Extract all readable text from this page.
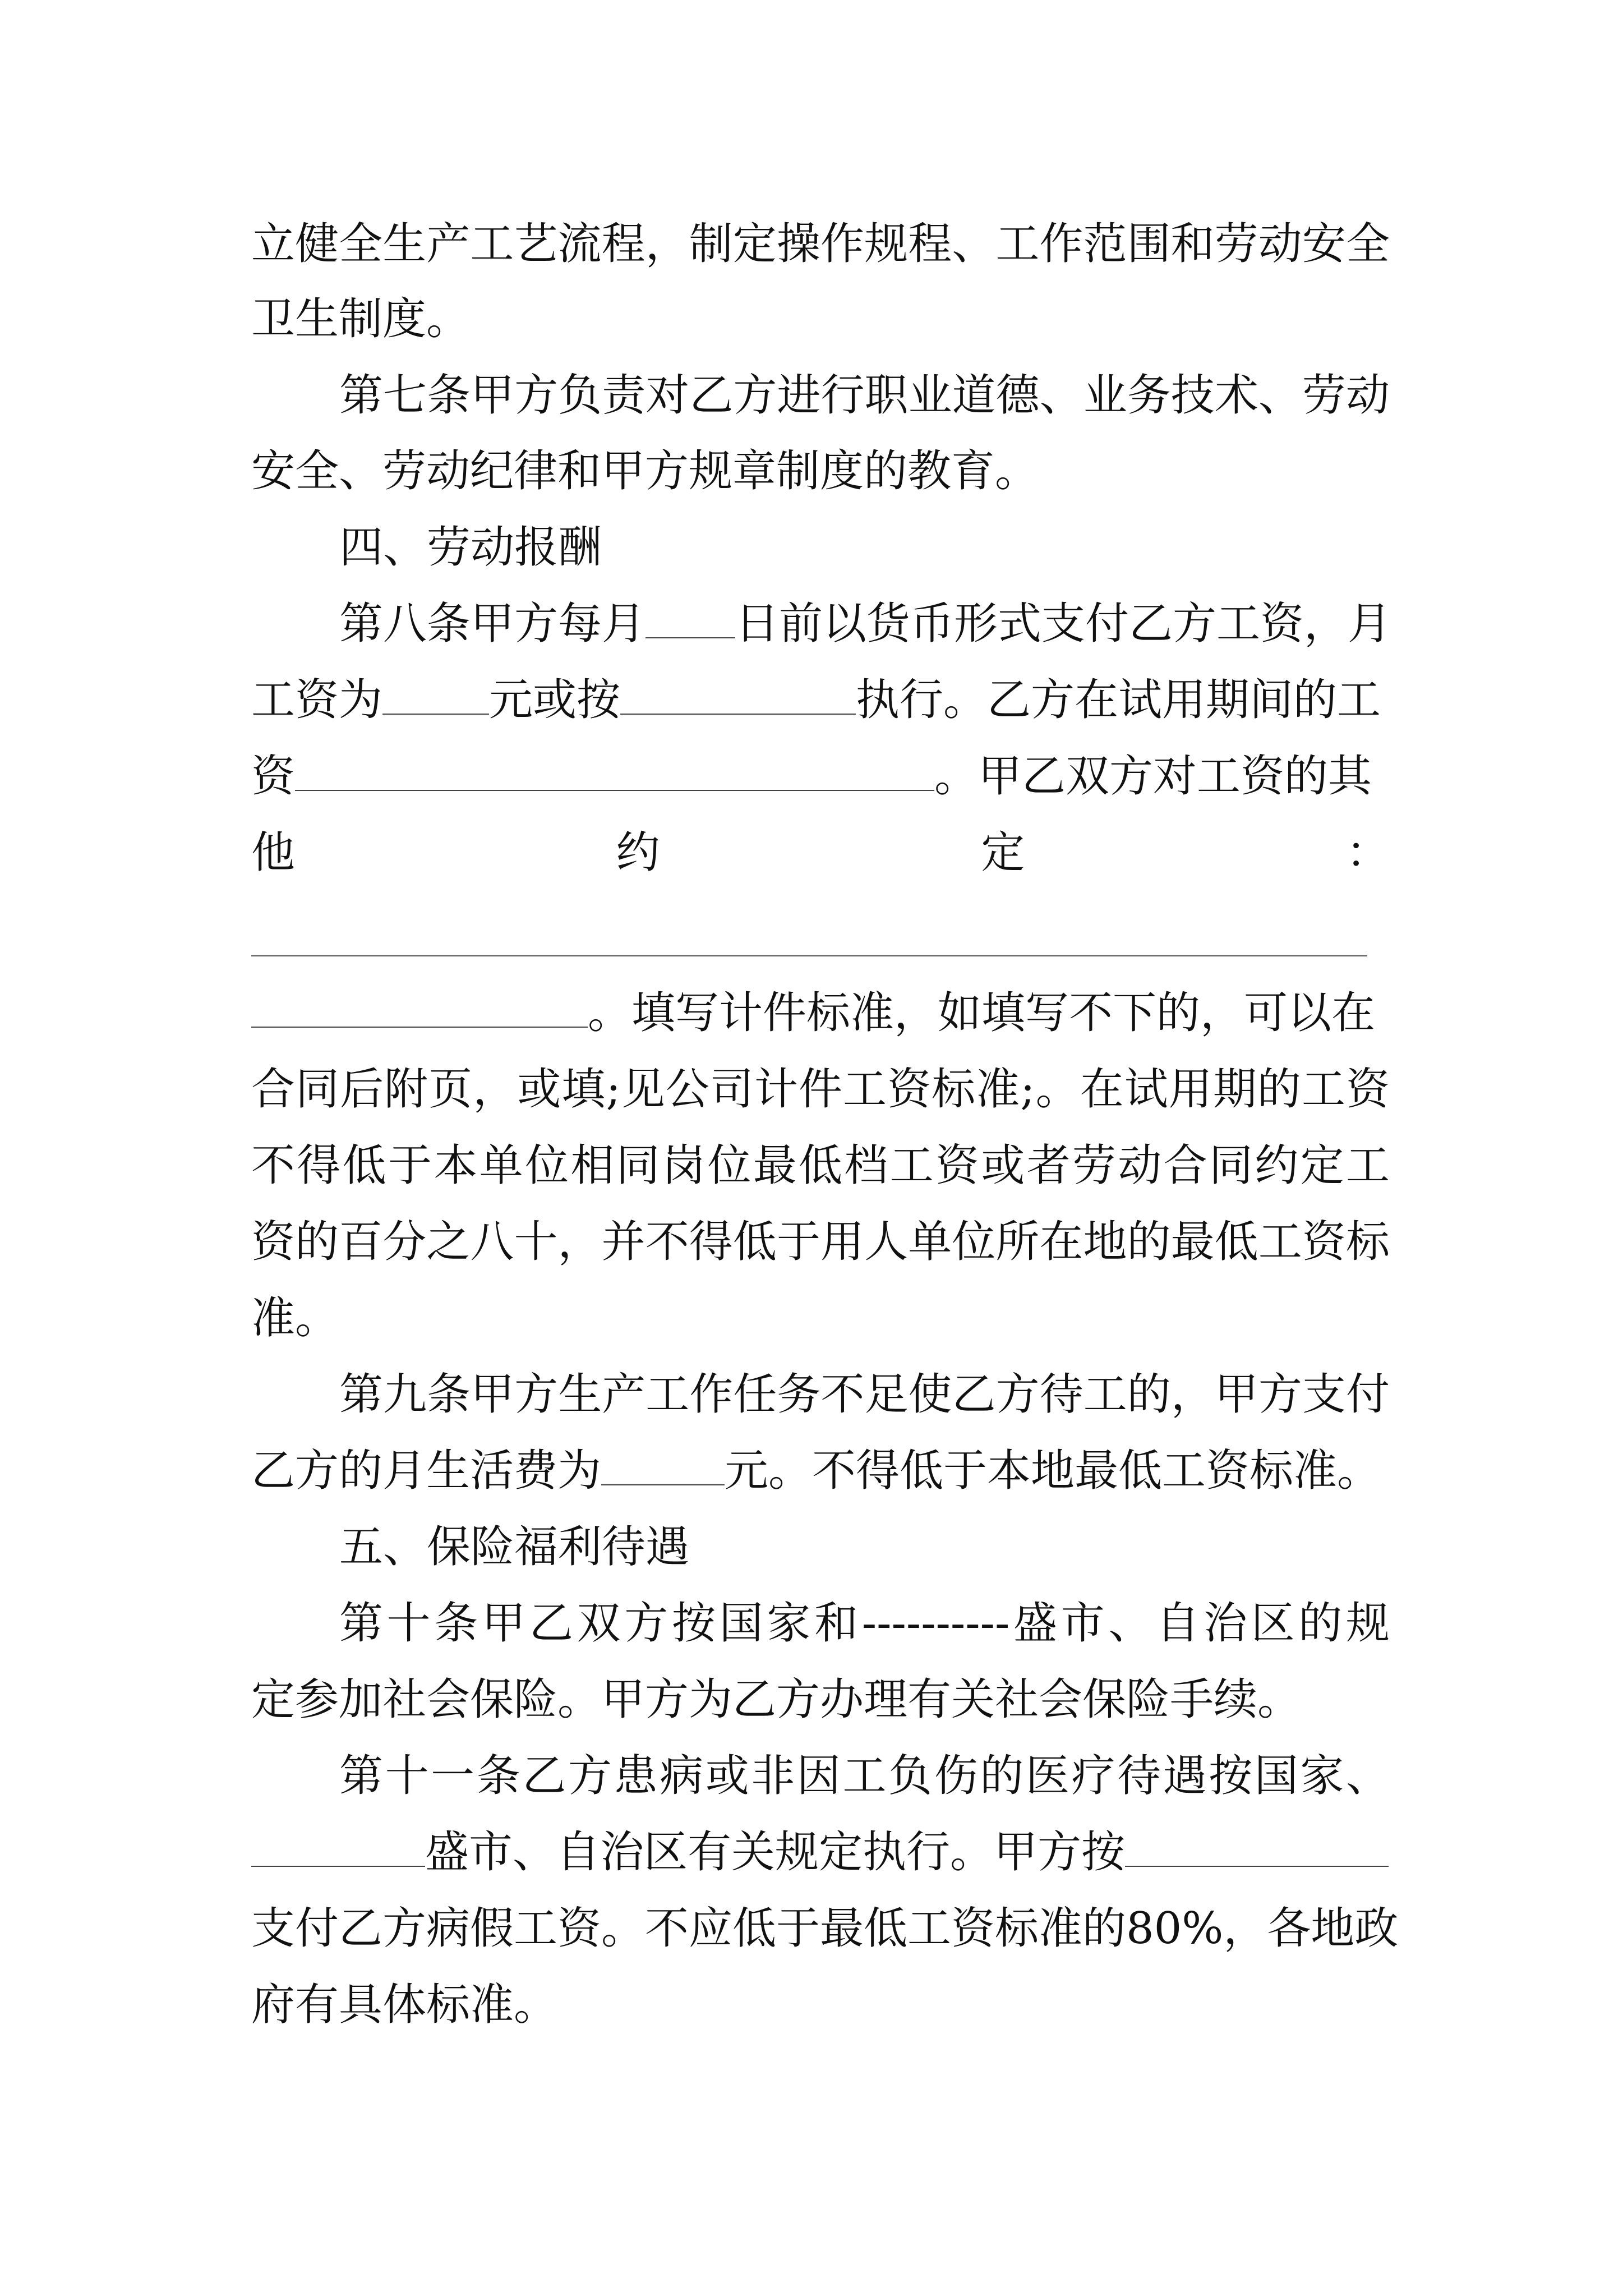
立健全生产工艺流程，制定操作规程、工作范围和劳动安全
卫生制度。
第七条甲方负责对乙方进行职业道德、业务技术、劳动
安全、劳动纪律和甲方规章制度的教育。
四、劳动报酬
第八条甲方每月 日前以货币形式支付乙方工资，月
工资为 元或按	执行。乙方在试用期间的工
资	。甲乙双方对工资的其
他约定：
。填写计件标准，如填写不下的，可以在
合同后附页，或填;见公司计件工资标准;。在试用期的工资
不得低于本单位相同岗位最低档工资或者劳动合同约定工
资的百分之八十，并不得低于用人单位所在地的最低工资标
准。
第九条甲方生产工作任务不足使乙方待工的，甲方支付
乙方的月生活费为	元。不得低于本地最低工资标准。
五、保险福利待遇
第十条甲乙双方按国家和----------盛市、自治区的规
定参加社会保险。甲方为乙方办理有关社会保险手续。
第十一条乙方患病或非因工负伤的医疗待遇按国家、
盛市、自治区有关规定执行。甲方按
支付乙方病假工资。不应低于最低工资标准的80%，各地政
府有具体标准。
